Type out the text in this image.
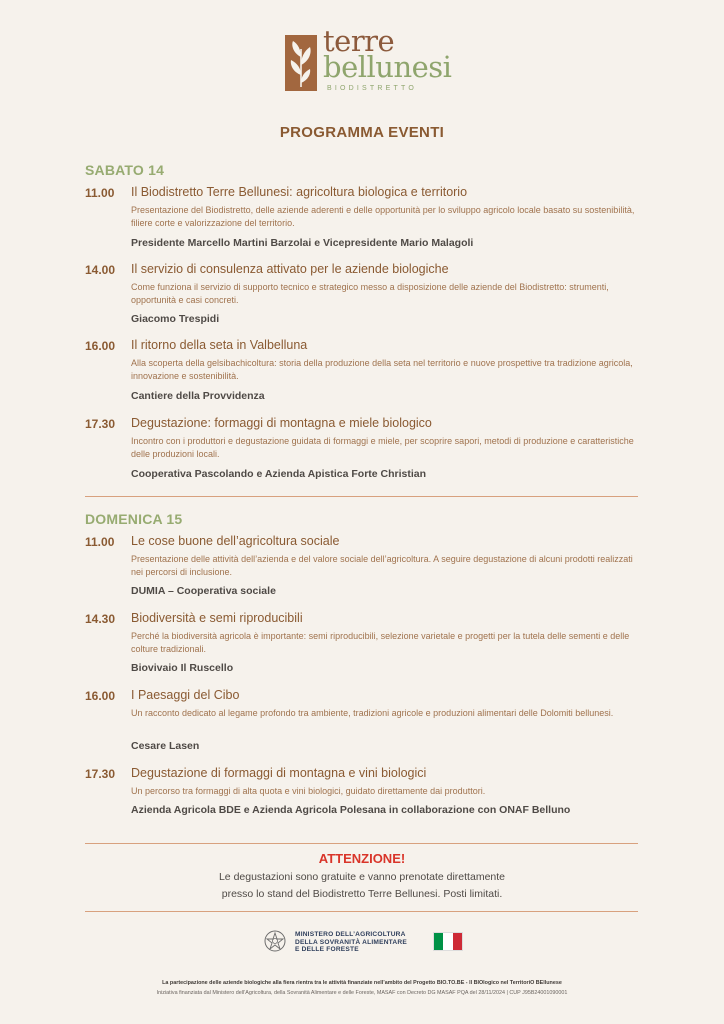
terre
bellunesi
BIODISTRETTO
PROGRAMMA EVENTI
SABATO 14
11.00 Il Biodistretto Terre Bellunesi: agricoltura biologica e territorio
Presentazione del Biodistretto, delle aziende aderenti e delle opportunità per lo sviluppo agricolo locale basato su sostenibilità, filiere corte e valorizzazione del territorio.
Presidente Marcello Martini Barzolai e Vicepresidente Mario Malagoli
14.00 Il servizio di consulenza attivato per le aziende biologiche
Come funziona il servizio di supporto tecnico e strategico messo a disposizione delle aziende del Biodistretto: strumenti, opportunità e casi concreti.
Giacomo Trespidi
16.00 Il ritorno della seta in Valbelluna
Alla scoperta della gelsibachicoltura: storia della produzione della seta nel territorio e nuove prospettive tra tradizione agricola, innovazione e sostenibilità.
Cantiere della Provvidenza
17.30 Degustazione: formaggi di montagna e miele biologico
Incontro con i produttori e degustazione guidata di formaggi e miele, per scoprire sapori, metodi di produzione e caratteristiche delle produzioni locali.
Cooperativa Pascolando e Azienda Apistica Forte Christian
DOMENICA 15
11.00 Le cose buone dell’agricoltura sociale
Presentazione delle attività dell’azienda e del valore sociale dell’agricoltura. A seguire degustazione di alcuni prodotti realizzati nei percorsi di inclusione.
DUMIA – Cooperativa sociale
14.30 Biodiversità e semi riproducibili
Perché la biodiversità agricola è importante: semi riproducibili, selezione varietale e progetti per la tutela delle sementi e delle colture tradizionali.
Biovivaio Il Ruscello
16.00 I Paesaggi del Cibo
Un racconto dedicato al legame profondo tra ambiente, tradizioni agricole e produzioni alimentari delle Dolomiti bellunesi.
Cesare Lasen
17.30 Degustazione di formaggi di montagna e vini biologici
Un percorso tra formaggi di alta quota e vini biologici, guidato direttamente dai produttori.
Azienda Agricola BDE e Azienda Agricola Polesana in collaborazione con ONAF Belluno
ATTENZIONE!
Le degustazioni sono gratuite e vanno prenotate direttamente
presso lo stand del Biodistretto Terre Bellunesi. Posti limitati.
MINISTERO DELL’AGRICOLTURA
DELLA SOVRANITÀ ALIMENTARE
E DELLE FORESTE
La partecipazione delle aziende biologiche alla fiera rientra tra le attività finanziate nell’ambito del Progetto BIO.TO.BE - Il BIOlogico nel TerritoriO BEllunese
Iniziativa finanziata dal Ministero dell’Agricoltura, della Sovranità Alimentare e delle Foreste, MASAF con Decreto DG MASAF PQA del 28/11/2024 | CUP J95B24001090001
